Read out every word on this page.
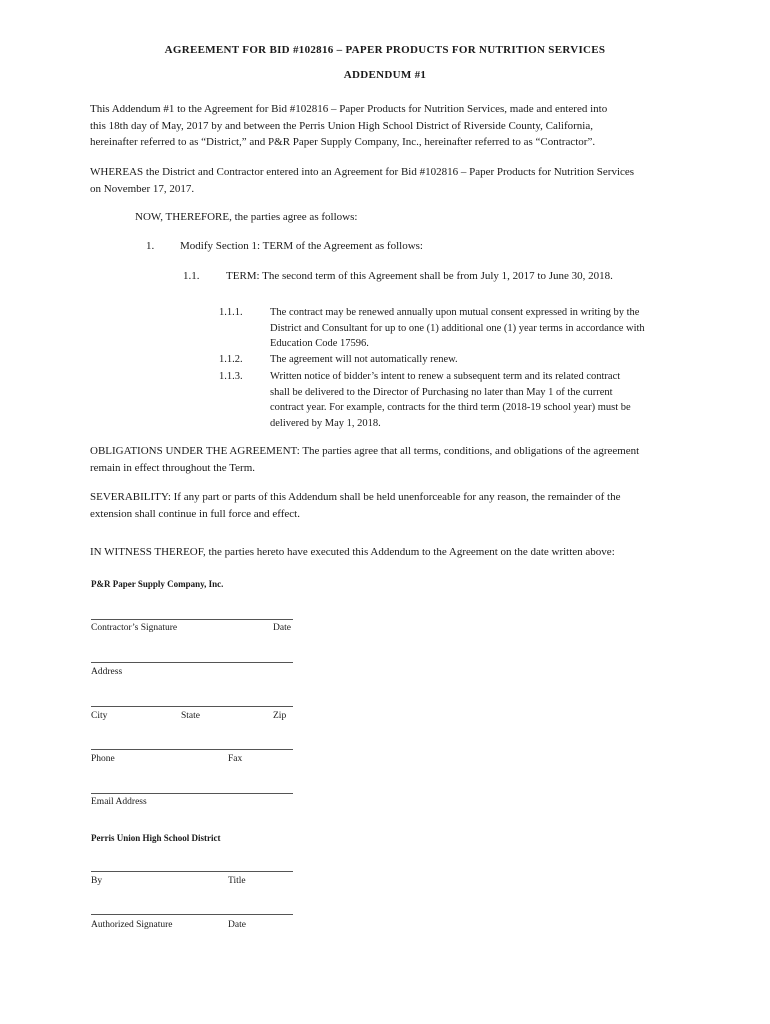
AGREEMENT FOR BID #102816 – PAPER PRODUCTS FOR NUTRITION SERVICES
ADDENDUM #1
This Addendum #1 to the Agreement for Bid #102816 – Paper Products for Nutrition Services, made and entered into
this 18th day of May, 2017 by and between the Perris Union High School District of Riverside County, California,
hereinafter referred to as “District,” and P&R Paper Supply Company, Inc., hereinafter referred to as “Contractor”.
WHEREAS the District and Contractor entered into an Agreement for Bid #102816 – Paper Products for Nutrition Services
on November 17, 2017.
NOW, THEREFORE, the parties agree as follows:
1. Modify Section 1: TERM of the Agreement as follows:
1.1. TERM: The second term of this Agreement shall be from July 1, 2017 to June 30, 2018.
1.1.1.	The contract may be renewed annually upon mutual consent expressed in writing by the
District and Consultant for up to one (1) additional one (1) year terms in accordance with
Education Code 17596.
1.1.2.	The agreement will not automatically renew.
1.1.3.	Written notice of bidder’s intent to renew a subsequent term and its related contract
shall be delivered to the Director of Purchasing no later than May 1 of the current
contract year. For example, contracts for the third term (2018-19 school year) must be
delivered by May 1, 2018.
OBLIGATIONS UNDER THE AGREEMENT: The parties agree that all terms, conditions, and obligations of the agreement
remain in effect throughout the Term.
SEVERABILITY: If any part or parts of this Addendum shall be held unenforceable for any reason, the remainder of the
extension shall continue in full force and effect.
IN WITNESS THEREOF, the parties hereto have executed this Addendum to the Agreement on the date written above:
P&R Paper Supply Company, Inc.
Contractor’s Signature	Date
Address
City	State	Zip
Phone	Fax
Email Address
Perris Union High School District
By	Title
Authorized Signature	Date
